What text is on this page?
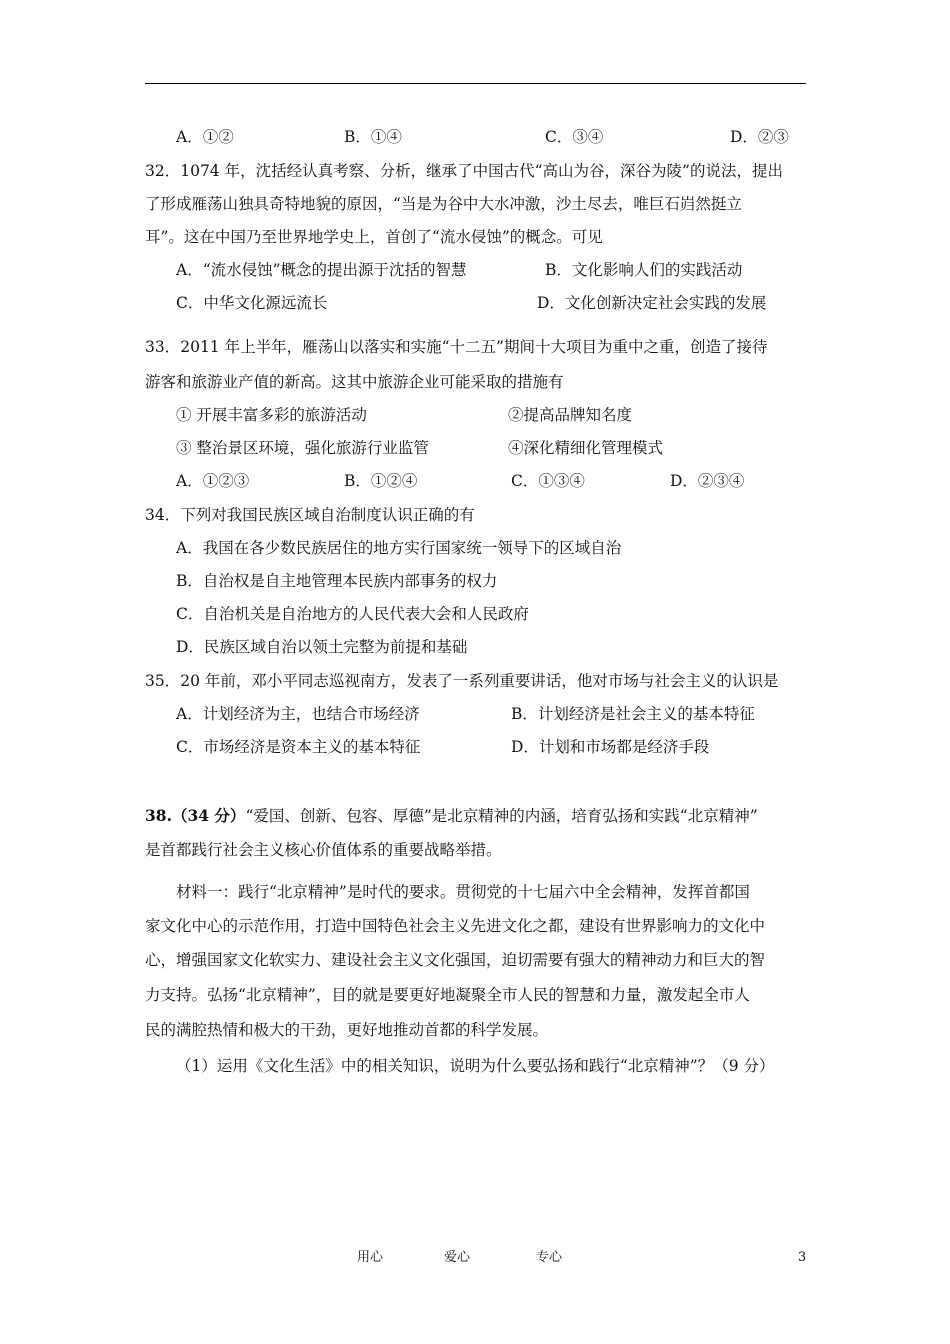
A．①②	B．①④	C．③④	D．②③
32．1074 年，沈括经认真考察、分析，继承了中国古代“高山为谷，深谷为陵”的说法，提出
了形成雁荡山独具奇特地貌的原因，“当是为谷中大水冲激，沙土尽去，唯巨石岿然挺立
耳”。这在中国乃至世界地学史上，首创了“流水侵蚀”的概念。可见
A．“流水侵蚀”概念的提出源于沈括的智慧	B．文化影响人们的实践活动
C．中华文化源远流长	D．文化创新决定社会实践的发展
33．2011 年上半年，雁荡山以落实和实施“十二五”期间十大项目为重中之重，创造了接待
游客和旅游业产值的新高。这其中旅游企业可能采取的措施有
① 开展丰富多彩的旅游活动	②提高品牌知名度
③ 整治景区环境，强化旅游行业监管	④深化精细化管理模式
A．①②③	B．①②④	C．①③④	D．②③④
34．下列对我国民族区域自治制度认识正确的有
A．我国在各少数民族居住的地方实行国家统一领导下的区域自治
B．自治权是自主地管理本民族内部事务的权力
C．自治机关是自治地方的人民代表大会和人民政府
D．民族区域自治以领土完整为前提和基础
35．20 年前，邓小平同志巡视南方，发表了一系列重要讲话，他对市场与社会主义的认识是
A．计划经济为主，也结合市场经济	B．计划经济是社会主义的基本特征
C．市场经济是资本主义的基本特征	D．计划和市场都是经济手段
38.（34 分）“爱国、创新、包容、厚德”是北京精神的内涵，培育弘扬和实践“北京精神”
是首都践行社会主义核心价值体系的重要战略举措。
材料一：践行“北京精神”是时代的要求。贯彻党的十七届六中全会精神，发挥首都国
家文化中心的示范作用，打造中国特色社会主义先进文化之都，建设有世界影响力的文化中
心，增强国家文化软实力、建设社会主义文化强国，迫切需要有强大的精神动力和巨大的智
力支持。弘扬“北京精神”，目的就是要更好地凝聚全市人民的智慧和力量，激发起全市人
民的满腔热情和极大的干劲，更好地推动首都的科学发展。
（1）运用《文化生活》中的相关知识，说明为什么要弘扬和践行“北京精神”？（9 分）
用心	爱心	专心	3
